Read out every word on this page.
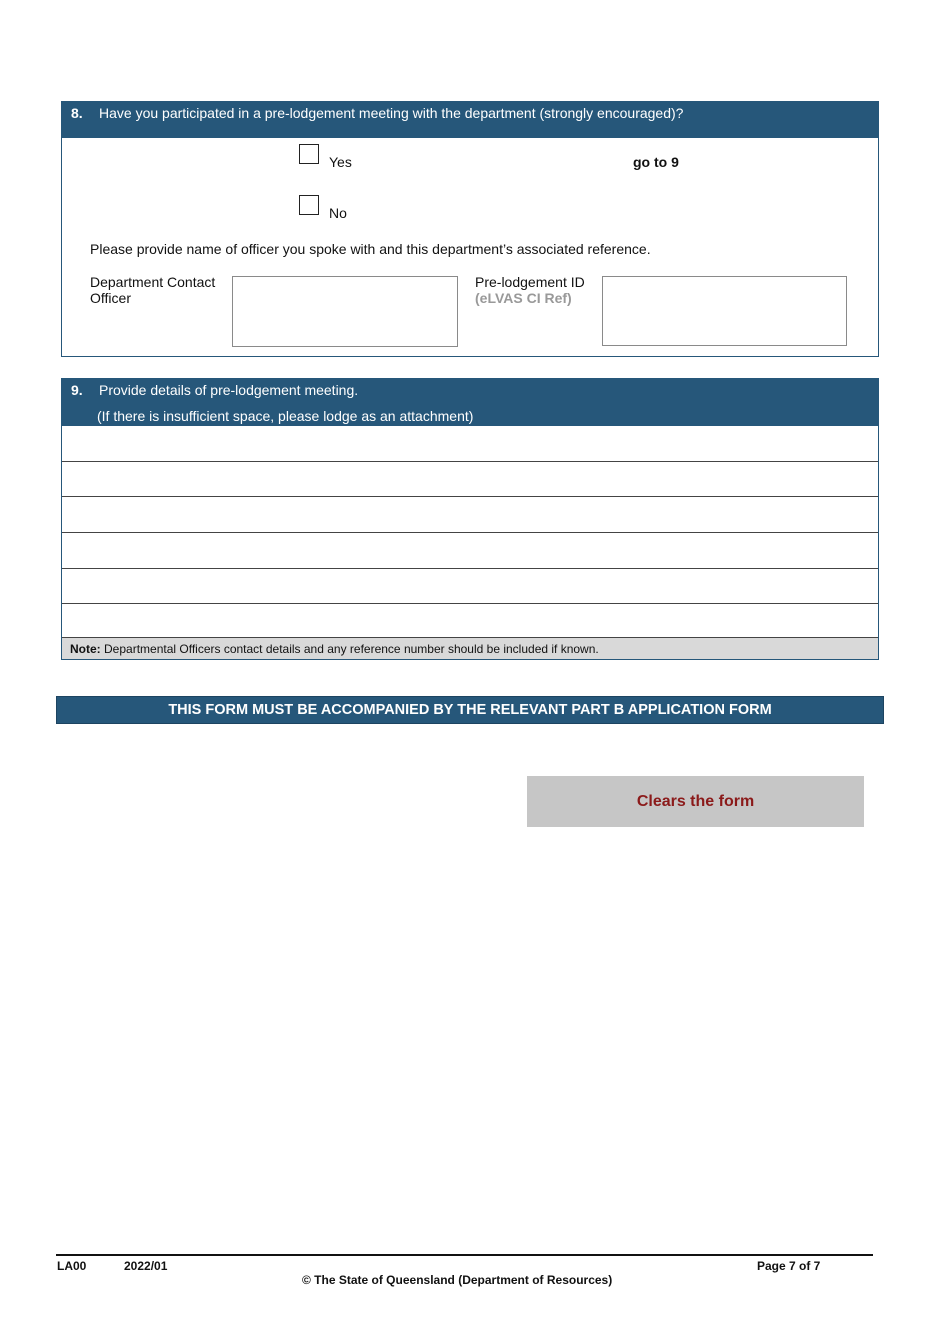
8. Have you participated in a pre-lodgement meeting with the department (strongly encouraged)?
Yes	go to 9
No
Please provide name of officer you spoke with and this department’s associated reference.
Department Contact
Officer
Pre-lodgement ID
(eLVAS CI Ref)
9. Provide details of pre-lodgement meeting.
(If there is insufficient space, please lodge as an attachment)
Note: Departmental Officers contact details and any reference number should be included if known.
THIS FORM MUST BE ACCOMPANIED BY THE RELEVANT PART B APPLICATION FORM
Clears the form
LA00	2022/01	Page 7 of 7
© The State of Queensland (Department of Resources)
